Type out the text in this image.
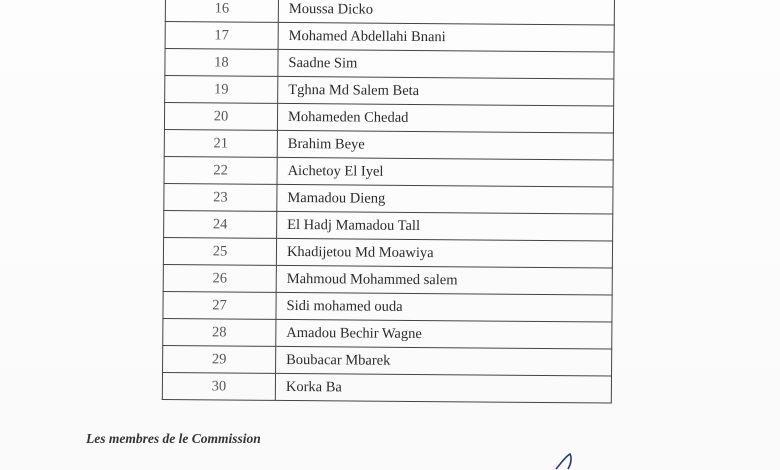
16	Moussa Dicko
17	Mohamed Abdellahi Bnani
18	Saadne Sim
19	Tghna Md Salem Beta
20	Mohameden Chedad
21	Brahim Beye
22	Aichetoy El Iyel
23	Mamadou Dieng
24	El Hadj Mamadou Tall
25	Khadijetou Md Moawiya
26	Mahmoud Mohammed salem
27	Sidi mohamed ouda
28	Amadou Bechir Wagne
29	Boubacar Mbarek
30	Korka Ba
Les membres de le Commission
